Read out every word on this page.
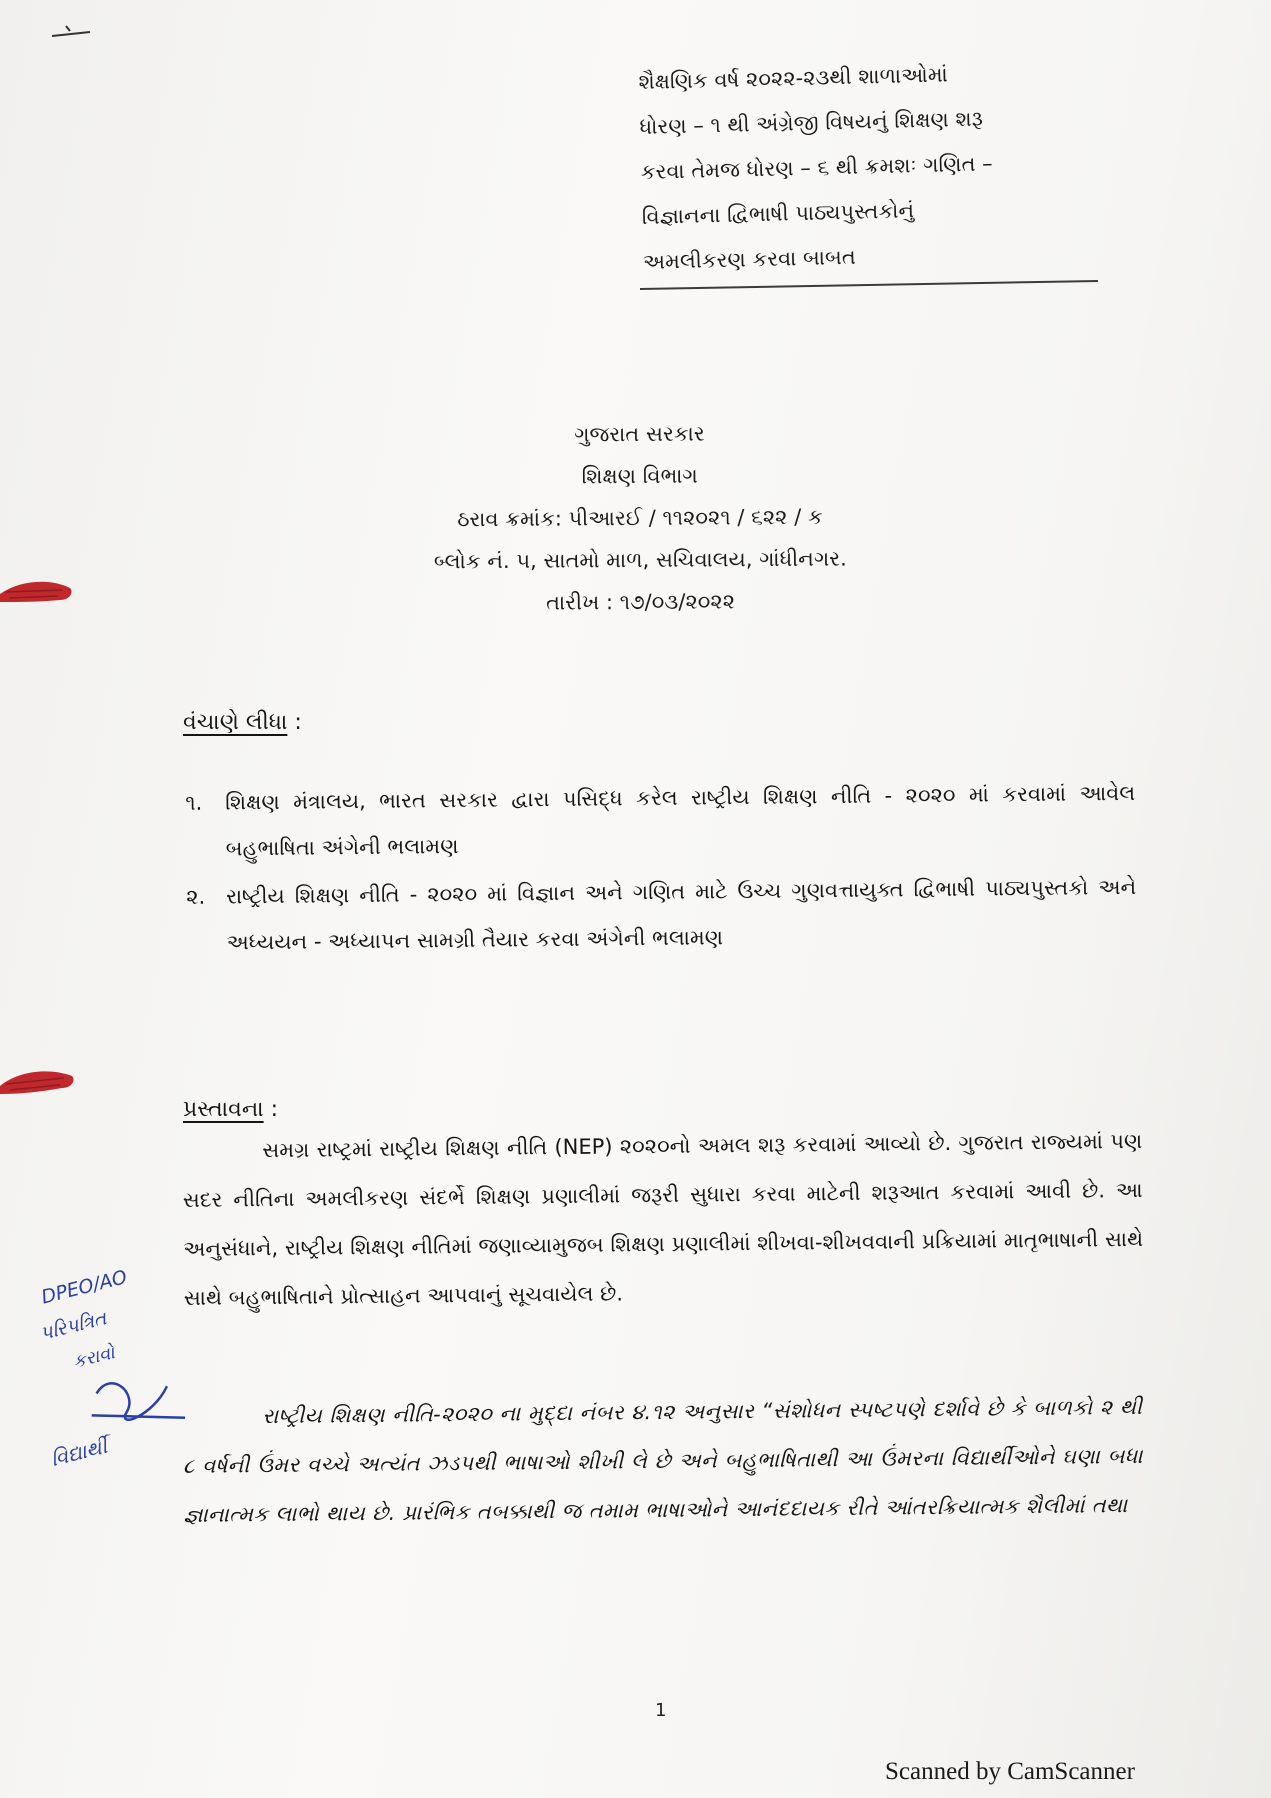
શૈક્ષણિક વર્ષ ૨૦૨૨-૨૩થી શાળાઓમાં
ધોરણ – ૧ થી અંગ્રેજી વિષયનું શિક્ષણ શરૂ
કરવા તેમજ ધોરણ – ૬ થી ક્રમશઃ ગણિત –
વિજ્ઞાનના દ્વિભાષી પાઠ્યપુસ્તકોનું
અમલીકરણ કરવા બાબત
ગુજરાત સરકાર
શિક્ષણ વિભાગ
ઠરાવ ક્રમાંક: પીઆરઈ / ૧૧૨૦૨૧ / ૬૨૨ / ક
બ્લોક નં. ૫, સાતમો માળ, સચિવાલય, ગાંધીનગર.
તારીખ : ૧૭/૦૩/૨૦૨૨
વંચાણે લીધા :
૧. શિક્ષણ મંત્રાલય, ભારત સરકાર દ્વારા પસિદ્ધ કરેલ રાષ્ટ્રીય શિક્ષણ નીતિ - ૨૦૨૦ માં કરવામાં આવેલ બહુભાષિતા અંગેની ભલામણ
૨. રાષ્ટ્રીય શિક્ષણ નીતિ - ૨૦૨૦ માં વિજ્ઞાન અને ગણિત માટે ઉચ્ચ ગુણવત્તાયુક્ત દ્વિભાષી પાઠ્યપુસ્તકો અને અધ્યયન - અધ્યાપન સામગ્રી તૈયાર કરવા અંગેની ભલામણ
પ્રસ્તાવના :

સમગ્ર રાષ્ટ્રમાં રાષ્ટ્રીય શિક્ષણ નીતિ (NEP) ૨૦૨૦નો અમલ શરૂ કરવામાં આવ્યો છે. ગુજરાત રાજ્યમાં પણ સદર નીતિના અમલીકરણ સંદર્ભે શિક્ષણ પ્રણાલીમાં જરૂરી સુધારા કરવા માટેની શરૂઆત કરવામાં આવી છે. આ અનુસંધાને, રાષ્ટ્રીય શિક્ષણ નીતિમાં જણાવ્યામુજબ શિક્ષણ પ્રણાલીમાં શીખવા-શીખવવાની પ્રક્રિયામાં માતૃભાષાની સાથે સાથે બહુભાષિતાને પ્રોત્સાહન આપવાનું સૂચવાયેલ છે.

રાષ્ટ્રીય શિક્ષણ નીતિ-૨૦૨૦ ના મુદ્દા નંબર ૪.૧૨ અનુસાર “સંશોધન સ્પષ્ટપણે દર્શાવે છે કે બાળકો ૨ થી ૮ વર્ષની ઉંમર વચ્ચે અત્યંત ઝડપથી ભાષાઓ શીખી લે છે અને બહુભાષિતાથી આ ઉંમરના વિદ્યાર્થીઓને ઘણા બધા જ્ઞાનાત્મક લાભો થાય છે. પ્રારંભિક તબક્કાથી જ તમામ ભાષાઓને આનંદદાયક રીતે આંતરક્રિયાત્મક શૈલીમાં તથા

DPEO/AO
પરિપત્રિત
કરાવો
વિદ્યાર્થી
1
Scanned by CamScanner
